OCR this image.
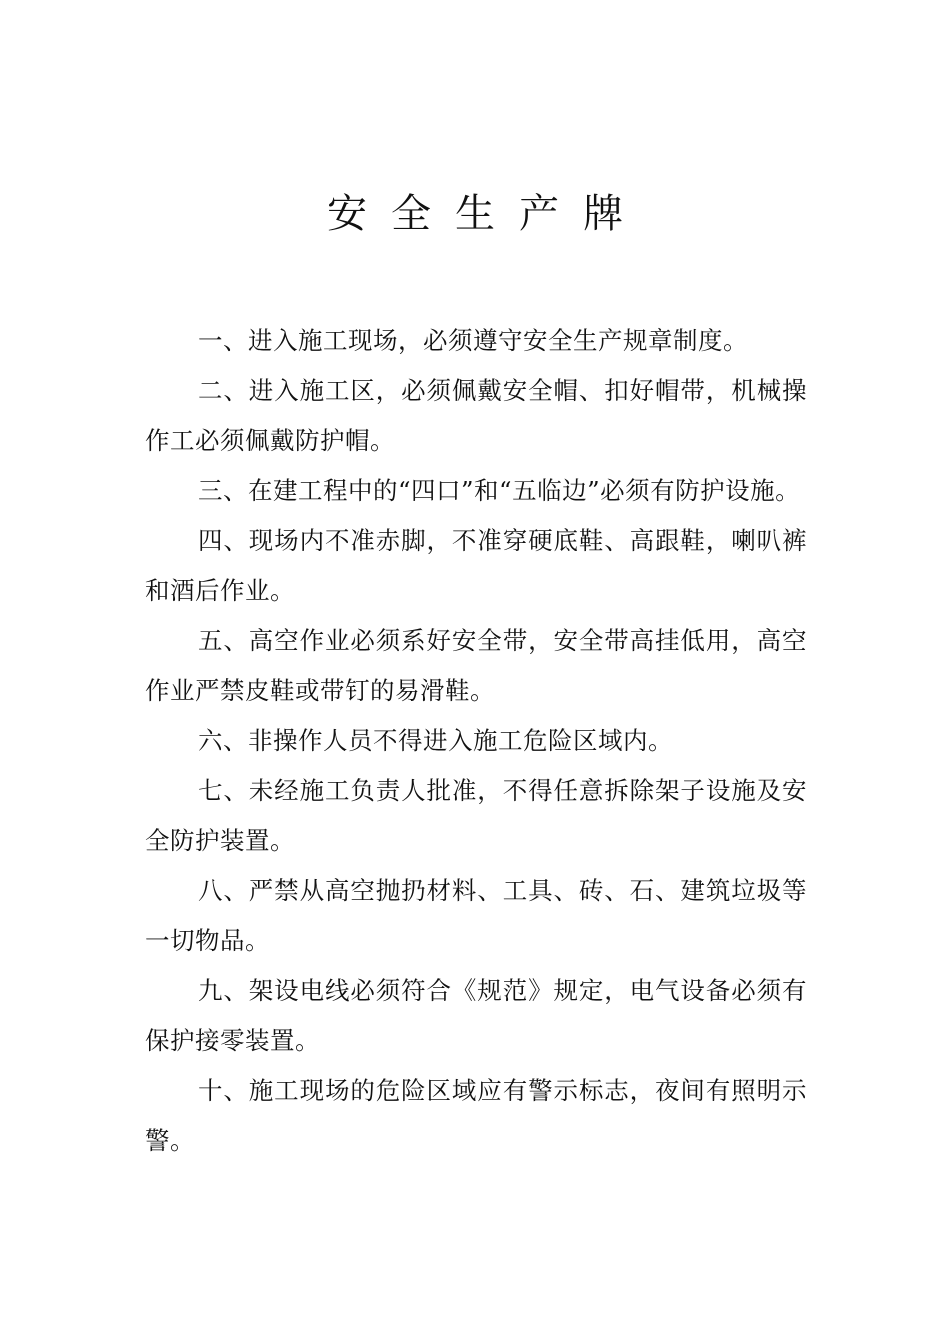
安全生产牌

一、进入施工现场，必须遵守安全生产规章制度。

二、进入施工区，必须佩戴安全帽、扣好帽带，机械操作工必须佩戴防护帽。

三、在建工程中的“四口”和“五临边”必须有防护设施。

四、现场内不准赤脚，不准穿硬底鞋、高跟鞋，喇叭裤和酒后作业。

五、高空作业必须系好安全带，安全带高挂低用，高空作业严禁皮鞋或带钉的易滑鞋。

六、非操作人员不得进入施工危险区域内。

七、未经施工负责人批准，不得任意拆除架子设施及安全防护装置。

八、严禁从高空抛扔材料、工具、砖、石、建筑垃圾等一切物品。

九、架设电线必须符合《规范》规定，电气设备必须有保护接零装置。

十、施工现场的危险区域应有警示标志，夜间有照明示警。
